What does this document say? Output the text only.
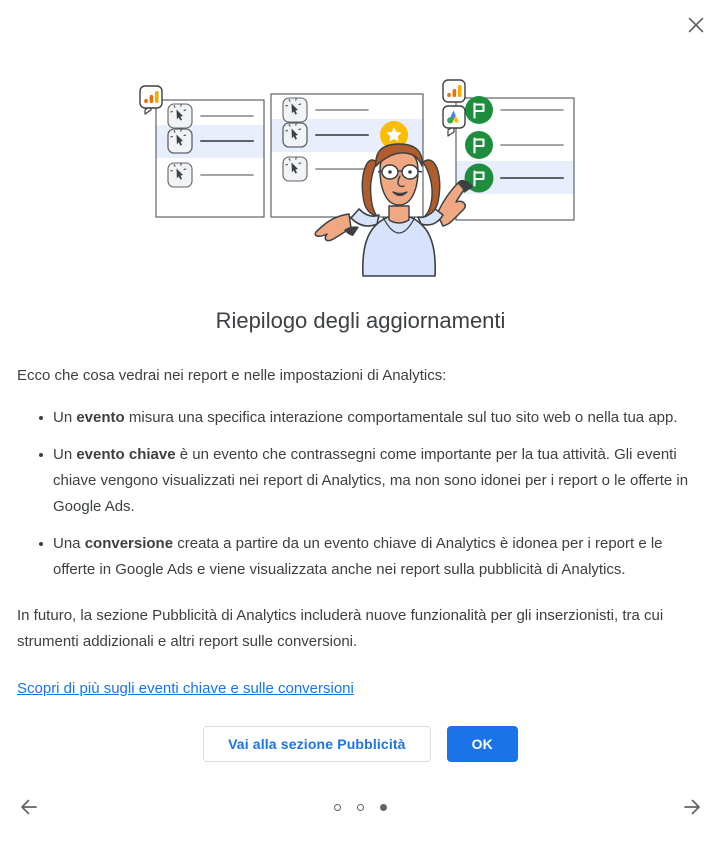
Riepilogo degli aggiornamenti

Ecco che cosa vedrai nei report e nelle impostazioni di Analytics:

Un evento misura una specifica interazione comportamentale sul tuo sito web o nella tua app.
Un evento chiave è un evento che contrassegni come importante per la tua attività. Gli eventi chiave vengono visualizzati nei report di Analytics, ma non sono idonei per i report o le offerte in Google Ads.
Una conversione creata a partire da un evento chiave di Analytics è idonea per i report e le offerte in Google Ads e viene visualizzata anche nei report sulla pubblicità di Analytics.

In futuro, la sezione Pubblicità di Analytics includerà nuove funzionalità per gli inserzionisti, tra cui strumenti addizionali e altri report sulle conversioni.

Scopri di più sugli eventi chiave e sulle conversioni
Vai alla sezione Pubblicità	OK
